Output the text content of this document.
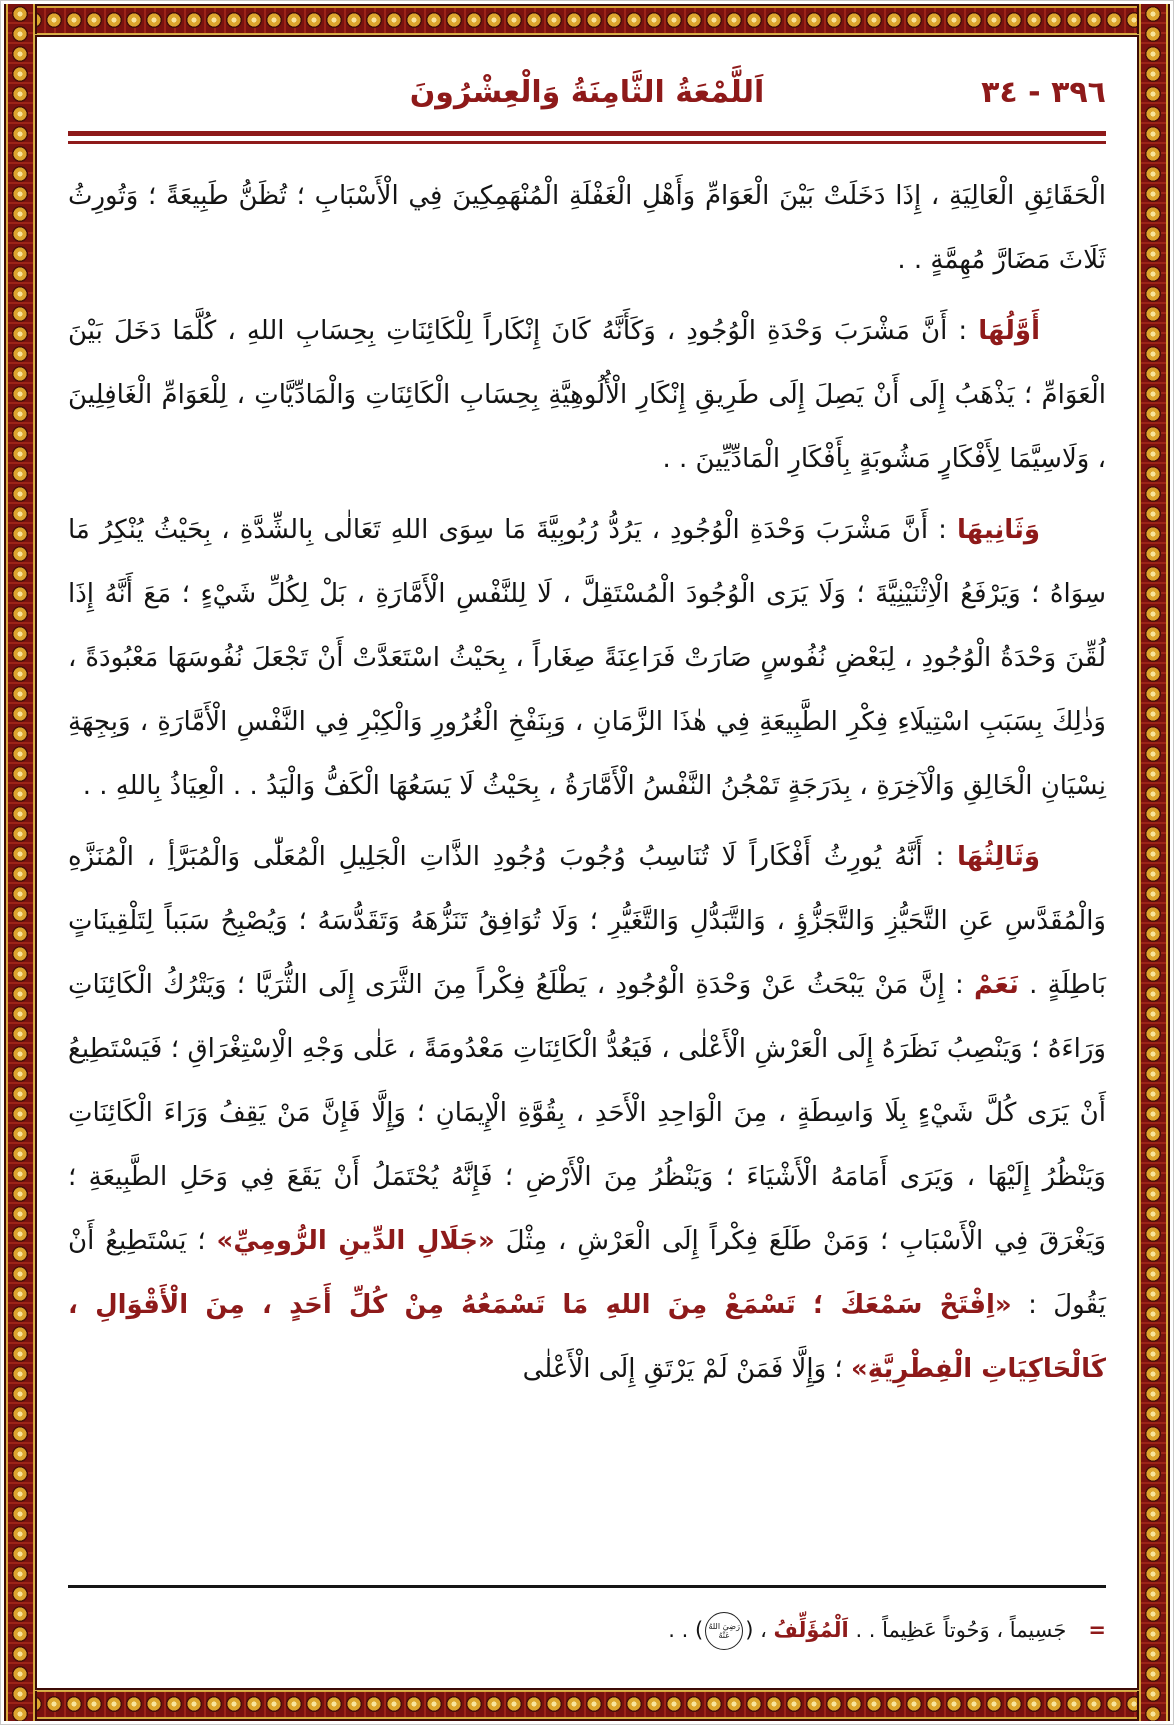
اَللَّمْعَةُ الثَّامِنَةُ وَالْعِشْرُونَ	٣٩٦ - ٣٤

الْحَقَائِقِ الْعَالِيَةِ ، إِذَا دَخَلَتْ بَيْنَ الْعَوَامِّ وَأَهْلِ الْغَفْلَةِ الْمُنْهَمِكِينَ فِي الْأَسْبَابِ ؛ تُظَنُّ طَبِيعَةً ؛ وَتُورِثُ ثَلَاثَ مَضَارَّ مُهِمَّةٍ . .

أَوَّلُهَا : أَنَّ مَشْرَبَ وَحْدَةِ الْوُجُودِ ، وَكَأَنَّهُ كَانَ إِنْكَاراً لِلْكَائِنَاتِ بِحِسَابِ اللهِ ، كُلَّمَا دَخَلَ بَيْنَ الْعَوَامِّ ؛ يَذْهَبُ إِلَى أَنْ يَصِلَ إِلَى طَرِيقِ إِنْكَارِ الْأُلُوهِيَّةِ بِحِسَابِ الْكَائِنَاتِ وَالْمَادِّيَّاتِ ، لِلْعَوَامِّ الْغَافِلِينَ ، وَلَاسِيَّمَا لِأَفْكَارٍ مَشُوبَةٍ بِأَفْكَارِ الْمَادِّيِّينَ . .

وَثَانِيهَا : أَنَّ مَشْرَبَ وَحْدَةِ الْوُجُودِ ، يَرُدُّ رُبُوبِيَّةَ مَا سِوَى اللهِ تَعَالٰى بِالشِّدَّةِ ، بِحَيْثُ يُنْكِرُ مَا سِوَاهُ ؛ وَيَرْفَعُ الْاِثْنَيْنِيَّةَ ؛ وَلَا يَرَى الْوُجُودَ الْمُسْتَقِلَّ ، لَا لِلنَّفْسِ الْأَمَّارَةِ ، بَلْ لِكُلِّ شَيْءٍ ؛ مَعَ أَنَّهُ إِذَا لُقِّنَ وَحْدَةُ الْوُجُودِ ، لِبَعْضِ نُفُوسٍ صَارَتْ فَرَاعِنَةً صِغَاراً ، بِحَيْثُ اسْتَعَدَّتْ أَنْ تَجْعَلَ نُفُوسَهَا مَعْبُودَةً ، وَذٰلِكَ بِسَبَبِ اسْتِيلَاءِ فِكْرِ الطَّبِيعَةِ فِي هٰذَا الزَّمَانِ ، وَبِنَفْخِ الْغُرُورِ وَالْكِبْرِ فِي النَّفْسِ الْأَمَّارَةِ ، وَبِجِهَةِ نِسْيَانِ الْخَالِقِ وَالْآخِرَةِ ، بِدَرَجَةٍ تَمْجُنُ النَّفْسُ الْأَمَّارَةُ ، بِحَيْثُ لَا يَسَعُهَا الْكَفُّ وَالْيَدُ . . الْعِيَاذُ بِاللهِ . .

وَثَالِثُهَا : أَنَّهُ يُورِثُ أَفْكَاراً لَا تُنَاسِبُ وُجُوبَ وُجُودِ الذَّاتِ الْجَلِيلِ الْمُعَلّٰى وَالْمُبَرَّأِ ، الْمُنَزَّهِ وَالْمُقَدَّسِ عَنِ التَّحَيُّزِ وَالتَّجَزُّؤِ ، وَالتَّبَدُّلِ وَالتَّغَيُّرِ ؛ وَلَا تُوَافِقُ تَنَزُّهَهُ وَتَقَدُّسَهُ ؛ وَيُصْبِحُ سَبَباً لِتَلْقِينَاتٍ بَاطِلَةٍ . نَعَمْ : إِنَّ مَنْ يَبْحَثُ عَنْ وَحْدَةِ الْوُجُودِ ، يَطْلَعُ فِكْراً مِنَ الثَّرَى إِلَى الثُّرَيَّا ؛ وَيَتْرُكُ الْكَائِنَاتِ وَرَاءَهُ ؛ وَيَنْصِبُ نَظَرَهُ إِلَى الْعَرْشِ الْأَعْلٰى ، فَيَعُدُّ الْكَائِنَاتِ مَعْدُومَةً ، عَلٰى وَجْهِ الْاِسْتِغْرَاقِ ؛ فَيَسْتَطِيعُ أَنْ يَرَى كُلَّ شَيْءٍ بِلَا وَاسِطَةٍ ، مِنَ الْوَاحِدِ الْأَحَدِ ، بِقُوَّةِ الْإِيمَانِ ؛ وَإِلَّا فَإِنَّ مَنْ يَقِفُ وَرَاءَ الْكَائِنَاتِ وَيَنْظُرُ إِلَيْهَا ، وَيَرَى أَمَامَهُ الْأَشْيَاءَ ؛ وَيَنْظُرُ مِنَ الْأَرْضِ ؛ فَإِنَّهُ يُحْتَمَلُ أَنْ يَقَعَ فِي وَحَلِ الطَّبِيعَةِ ؛ وَيَغْرَقَ فِي الْأَسْبَابِ ؛ وَمَنْ طَلَعَ فِكْراً إِلَى الْعَرْشِ ، مِثْلَ «جَلَالِ الدِّينِ الرُّومِيِّ» ؛ يَسْتَطِيعُ أَنْ يَقُولَ : «اِفْتَحْ سَمْعَكَ ؛ تَسْمَعْ مِنَ اللهِ مَا تَسْمَعُهُ مِنْ كُلِّ أَحَدٍ ، مِنَ الْأَقْوَالِ ، كَالْحَاكِيَاتِ الْفِطْرِيَّةِ» ؛ وَإِلَّا فَمَنْ لَمْ يَرْتَقِ إِلَى الْأَعْلٰى

=جَسِيماً ، وَحُوتاً عَظِيماً . . اَلْمُؤَلِّفُ ، (رَضِيَ اللهُ عَنْهُ) . .
